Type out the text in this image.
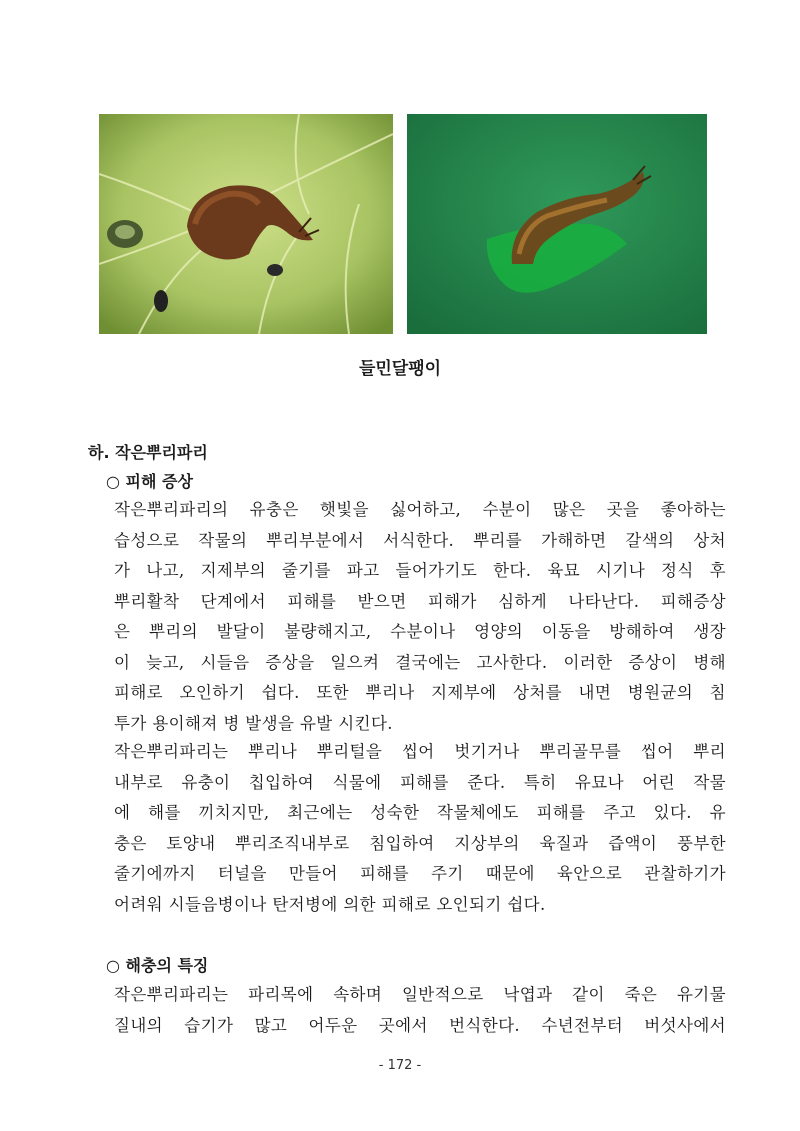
들민달팽이
하. 작은뿌리파리
○ 피해 증상
작은뿌리파리의 유충은 햇빛을 싫어하고, 수분이 많은 곳을 좋아하는
습성으로 작물의 뿌리부분에서 서식한다. 뿌리를 가해하면 갈색의 상처
가 나고, 지제부의 줄기를 파고 들어가기도 한다. 육묘 시기나 정식 후
뿌리활착 단계에서 피해를 받으면 피해가 심하게 나타난다. 피해증상
은 뿌리의 발달이 불량해지고, 수분이나 영양의 이동을 방해하여 생장
이 늦고, 시들음 증상을 일으켜 결국에는 고사한다. 이러한 증상이 병해
피해로 오인하기 쉽다. 또한 뿌리나 지제부에 상처를 내면 병원균의 침
투가 용이해져 병 발생을 유발 시킨다.
작은뿌리파리는 뿌리나 뿌리털을 씹어 벗기거나 뿌리골무를 씹어 뿌리
내부로 유충이 칩입하여 식물에 피해를 준다. 특히 유묘나 어린 작물
에 해를 끼치지만, 최근에는 성숙한 작물체에도 피해를 주고 있다. 유
충은 토양내 뿌리조직내부로 침입하여 지상부의 육질과 즙액이 풍부한
줄기에까지 터널을 만들어 피해를 주기 때문에 육안으로 관찰하기가
어려워 시들음병이나 탄저병에 의한 피해로 오인되기 쉽다.
○ 해충의 특징
작은뿌리파리는 파리목에 속하며 일반적으로 낙엽과 같이 죽은 유기물
질내의 습기가 많고 어두운 곳에서 번식한다. 수년전부터 버섯사에서
- 172 -
